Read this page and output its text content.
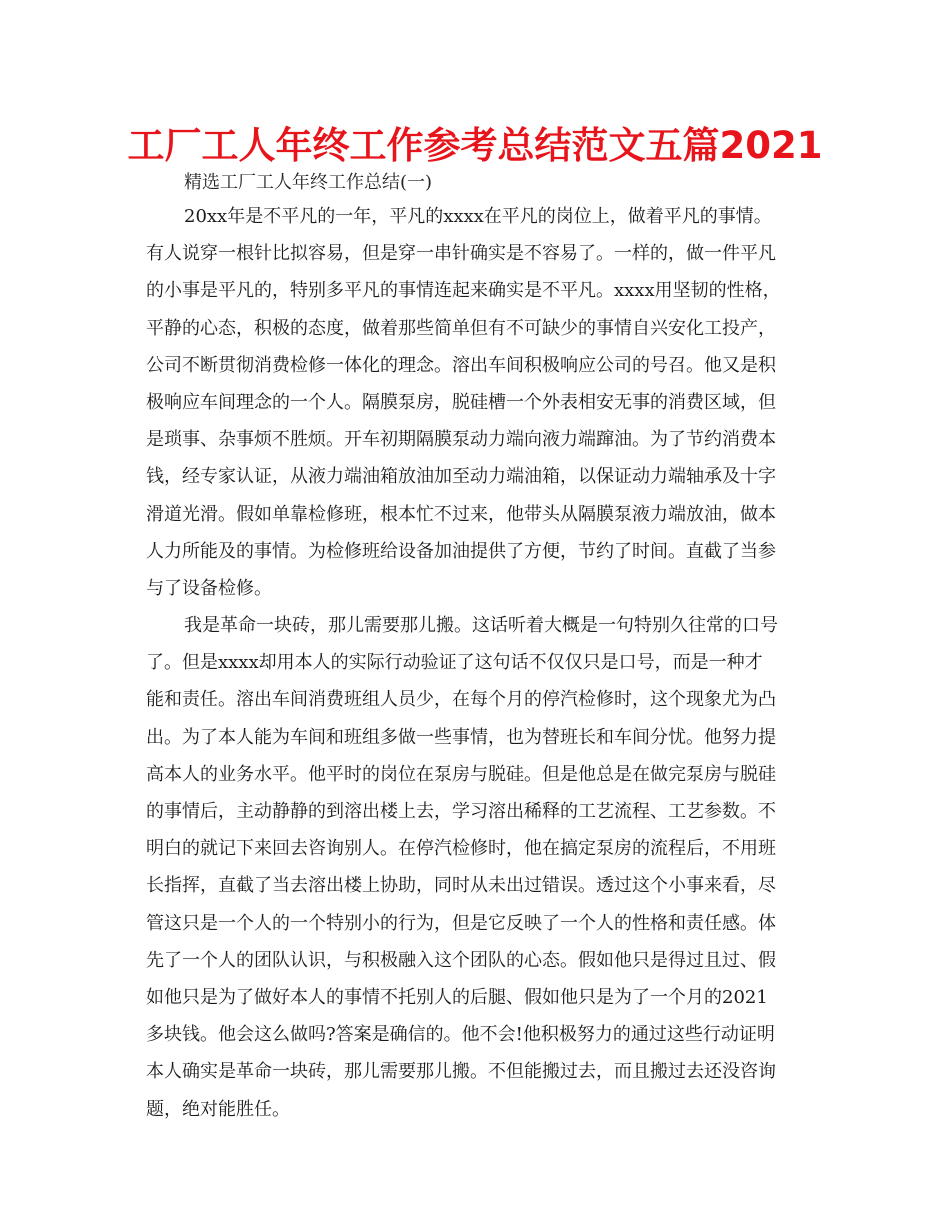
工厂工人年终工作参考总结范文五篇2021
精选工厂工人年终工作总结(一)
20xx年是不平凡的一年，平凡的xxxx在平凡的岗位上，做着平凡的事情。
有人说穿一根针比拟容易，但是穿一串针确实是不容易了。一样的，做一件平凡
的小事是平凡的，特别多平凡的事情连起来确实是不平凡。xxxx用坚韧的性格，
平静的心态，积极的态度，做着那些简单但有不可缺少的事情自兴安化工投产，
公司不断贯彻消费检修一体化的理念。溶出车间积极响应公司的号召。他又是积
极响应车间理念的一个人。隔膜泵房，脱硅槽一个外表相安无事的消费区域，但
是琐事、杂事烦不胜烦。开车初期隔膜泵动力端向液力端蹿油。为了节约消费本
钱，经专家认证，从液力端油箱放油加至动力端油箱，以保证动力端轴承及十字
滑道光滑。假如单靠检修班，根本忙不过来，他带头从隔膜泵液力端放油，做本
人力所能及的事情。为检修班给设备加油提供了方便，节约了时间。直截了当参
与了设备检修。
我是革命一块砖，那儿需要那儿搬。这话听着大概是一句特别久往常的口号
了。但是xxxx却用本人的实际行动验证了这句话不仅仅只是口号，而是一种才
能和责任。溶出车间消费班组人员少，在每个月的停汽检修时，这个现象尤为凸
出。为了本人能为车间和班组多做一些事情，也为替班长和车间分忧。他努力提
高本人的业务水平。他平时的岗位在泵房与脱硅。但是他总是在做完泵房与脱硅
的事情后，主动静静的到溶出楼上去，学习溶出稀释的工艺流程、工艺参数。不
明白的就记下来回去咨询别人。在停汽检修时，他在搞定泵房的流程后，不用班
长指挥，直截了当去溶出楼上协助，同时从未出过错误。透过这个小事来看，尽
管这只是一个人的一个特别小的行为，但是它反映了一个人的性格和责任感。体
先了一个人的团队认识，与积极融入这个团队的心态。假如他只是得过且过、假
如他只是为了做好本人的事情不托别人的后腿、假如他只是为了一个月的2021
多块钱。他会这么做吗?答案是确信的。他不会!他积极努力的通过这些行动证明
本人确实是革命一块砖，那儿需要那儿搬。不但能搬过去，而且搬过去还没咨询
题，绝对能胜任。
